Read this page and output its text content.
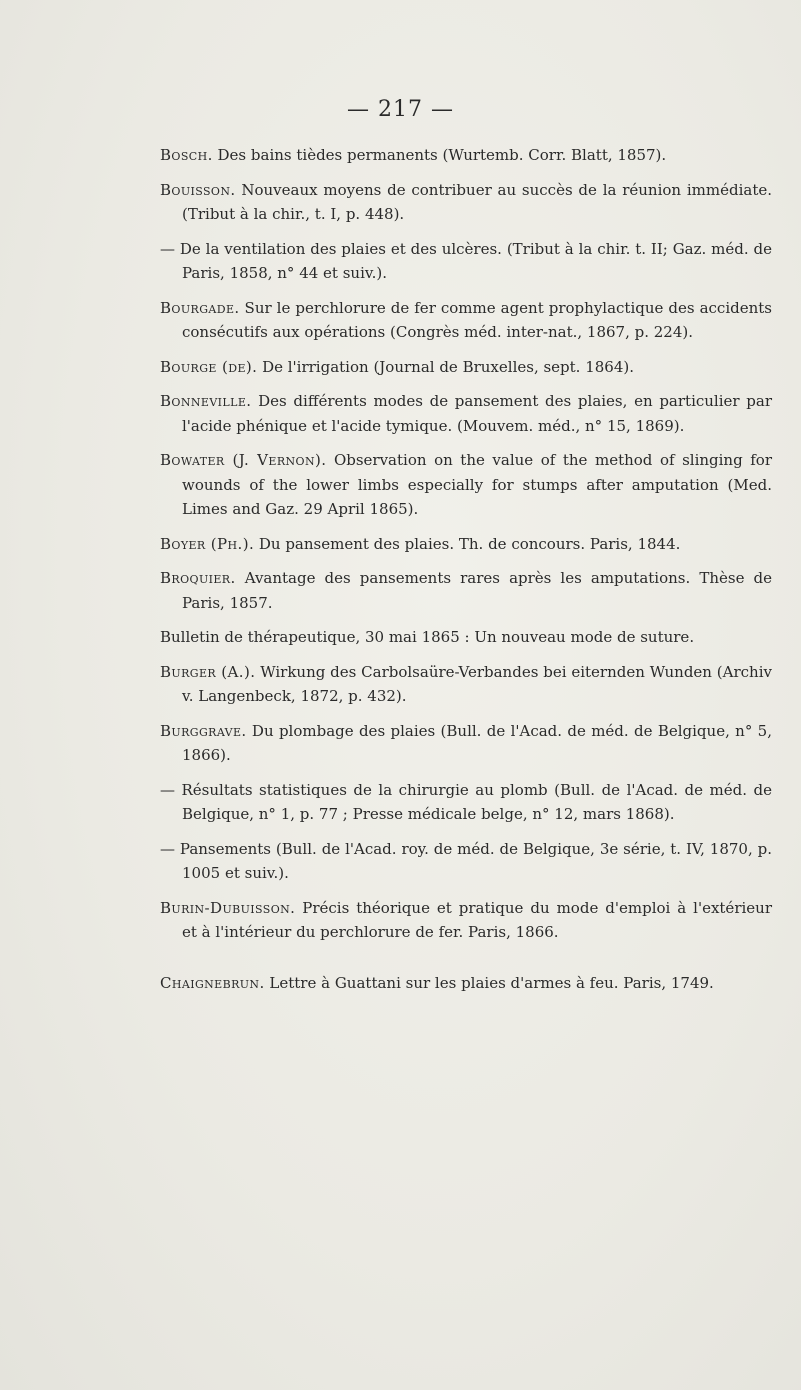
— 217 —

Bosch. Des bains tièdes permanents (Wurtemb. Corr. Blatt, 1857).

Bouisson. Nouveaux moyens de contribuer au succès de la réunion immédiate. (Tribut à la chir., t. I, p. 448).

— De la ventilation des plaies et des ulcères. (Tribut à la chir. t. II; Gaz. méd. de Paris, 1858, n° 44 et suiv.).

Bourgade. Sur le perchlorure de fer comme agent prophylactique des accidents consécutifs aux opérations (Congrès méd. inter-nat., 1867, p. 224).

Bourge (de). De l'irrigation (Journal de Bruxelles, sept. 1864).

Bonneville. Des différents modes de pansement des plaies, en particulier par l'acide phénique et l'acide tymique. (Mouvem. méd., n° 15, 1869).

Bowater (J. Vernon). Observation on the value of the method of slinging for wounds of the lower limbs especially for stumps after amputation (Med. Limes and Gaz. 29 April 1865).

Boyer (Ph.). Du pansement des plaies. Th. de concours. Paris, 1844.

Broquier. Avantage des pansements rares après les amputations. Thèse de Paris, 1857.

Bulletin de thérapeutique, 30 mai 1865 : Un nouveau mode de suture.

Burger (A.). Wirkung des Carbolsaüre-Verbandes bei eiternden Wunden (Archiv v. Langenbeck, 1872, p. 432).

Burggrave. Du plombage des plaies (Bull. de l'Acad. de méd. de Belgique, n° 5, 1866).

— Résultats statistiques de la chirurgie au plomb (Bull. de l'Acad. de méd. de Belgique, n° 1, p. 77 ; Presse médicale belge, n° 12, mars 1868).

— Pansements (Bull. de l'Acad. roy. de méd. de Belgique, 3e série, t. IV, 1870, p. 1005 et suiv.).

Burin-Dubuisson. Précis théorique et pratique du mode d'emploi à l'extérieur et à l'intérieur du perchlorure de fer. Paris, 1866.

Chaignebrun. Lettre à Guattani sur les plaies d'armes à feu. Paris, 1749.
